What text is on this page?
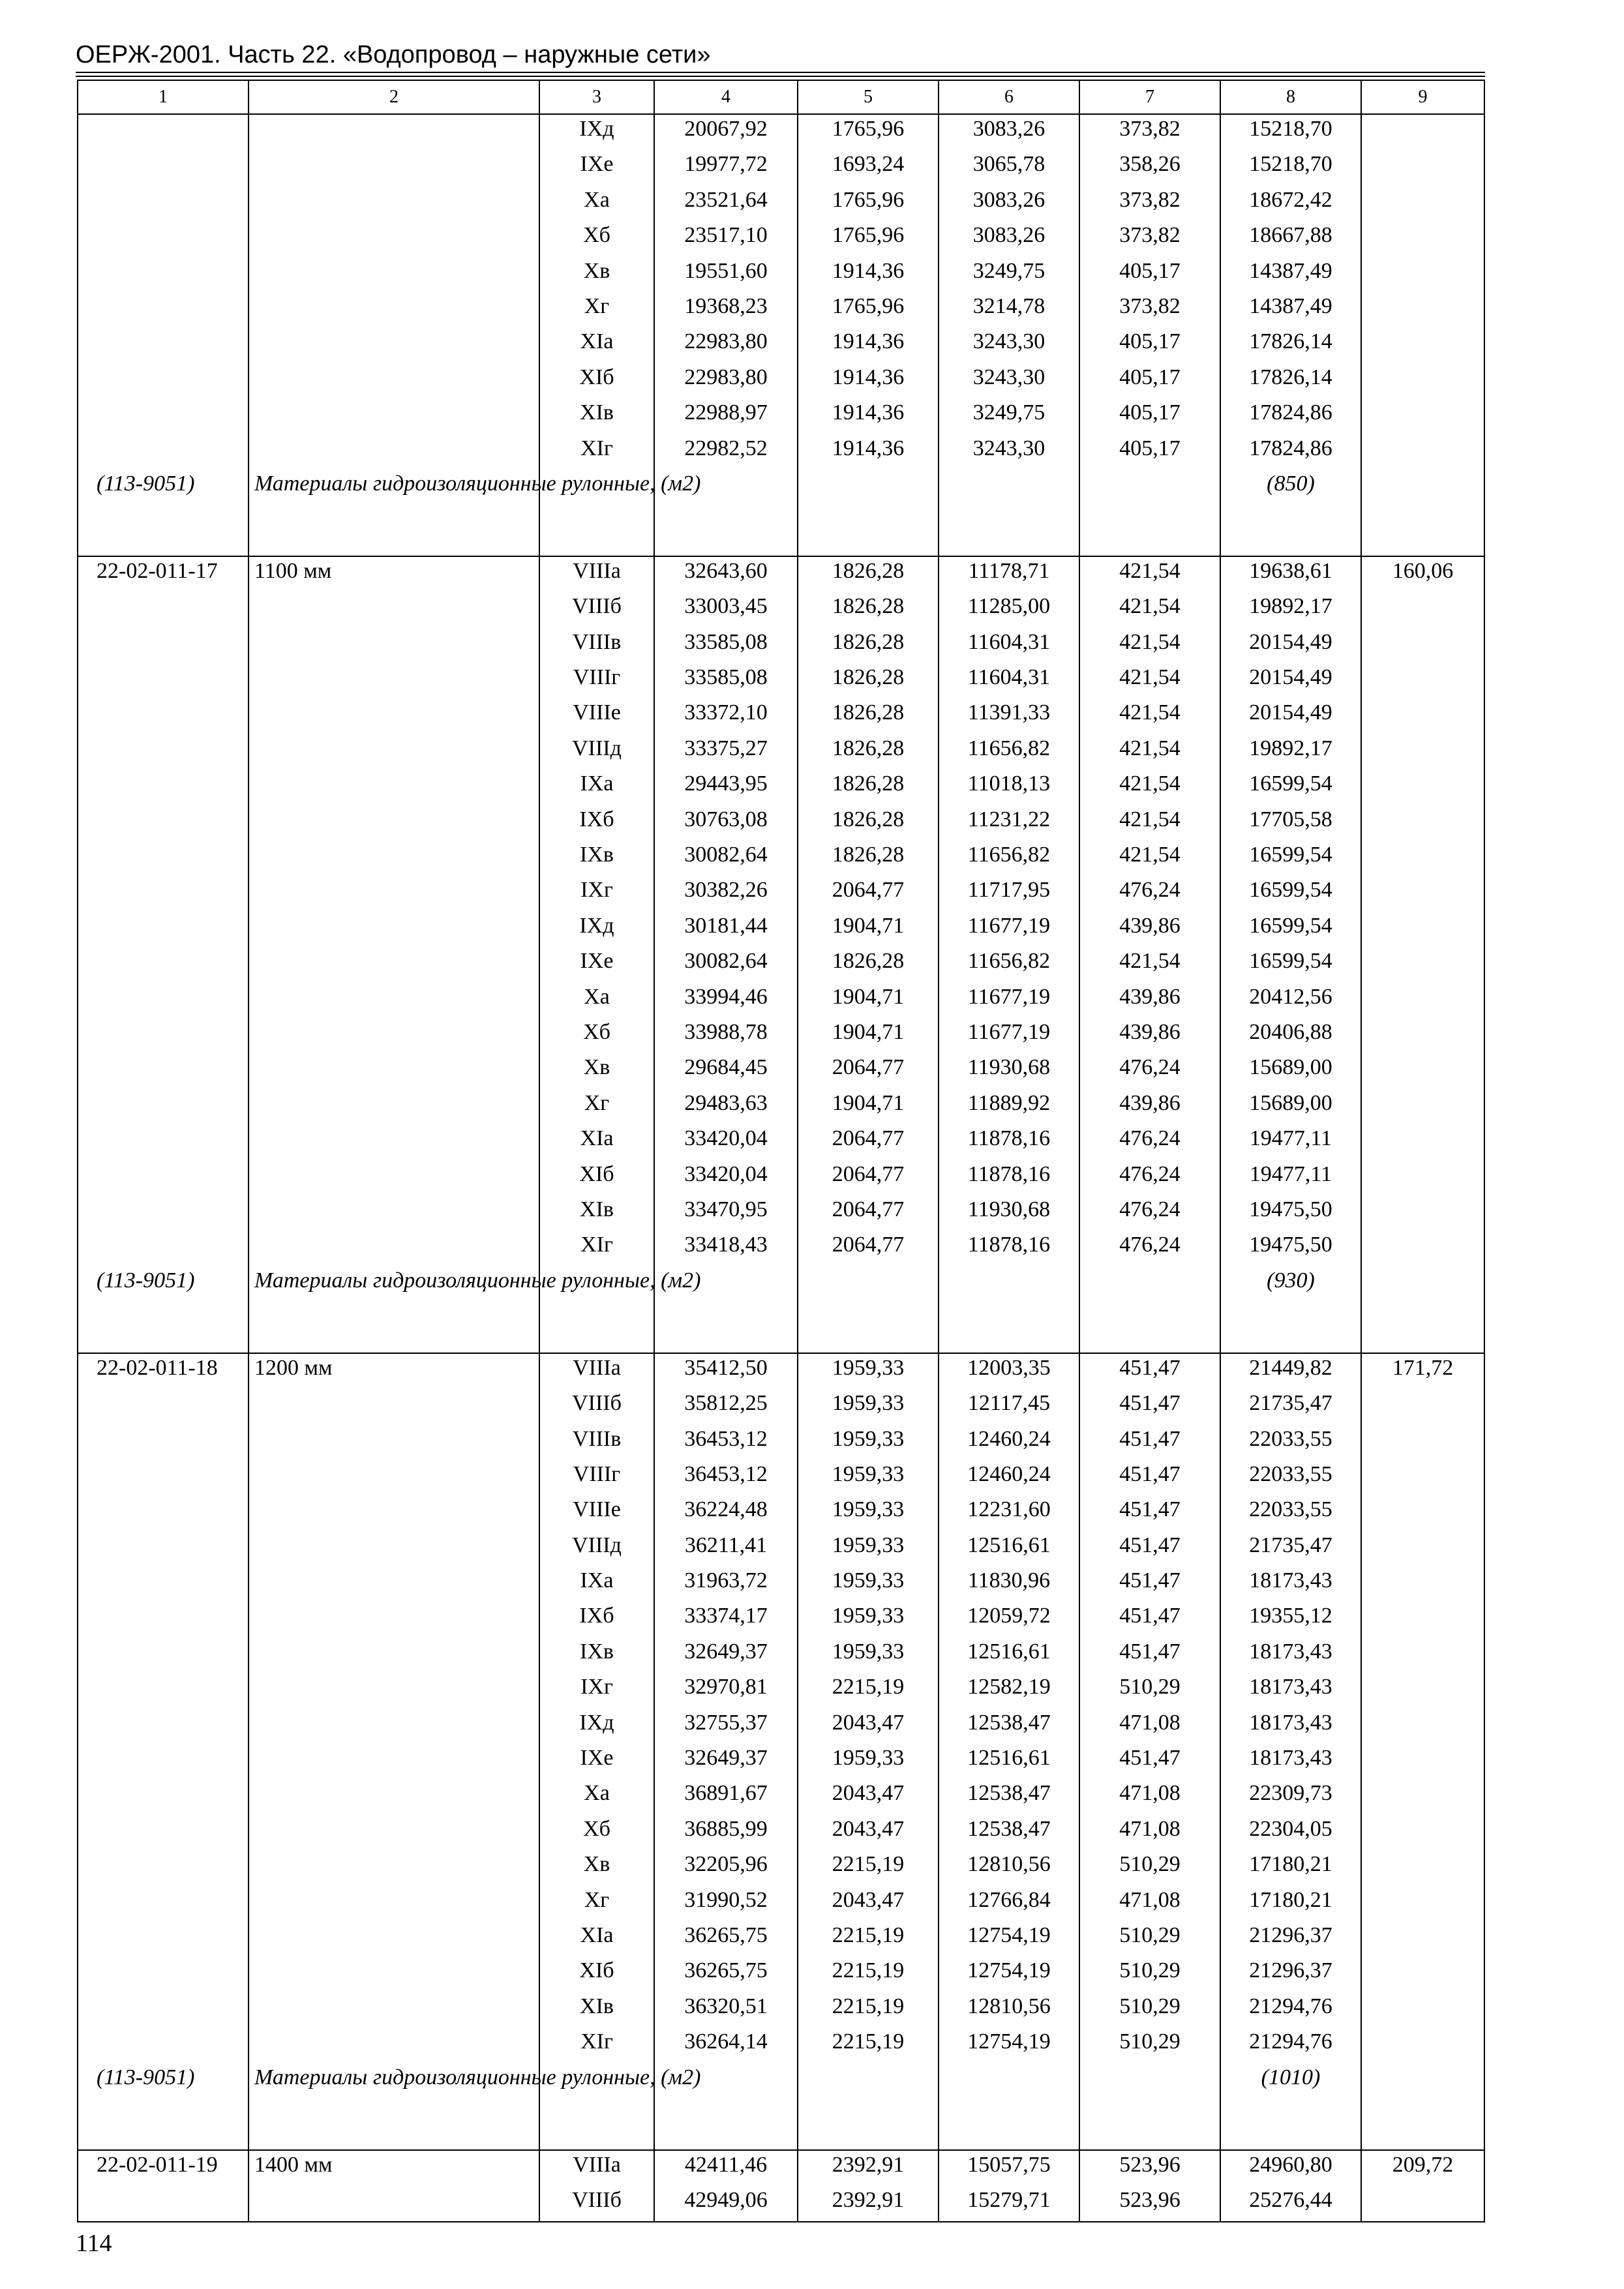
ОЕРЖ-2001. Часть 22. «Водопровод – наружные сети»
1	2	3	4	5	6	7	8	9
		IXд	20067,92	1765,96	3083,26	373,82	15218,70	
		IXе	19977,72	1693,24	3065,78	358,26	15218,70	
		Xа	23521,64	1765,96	3083,26	373,82	18672,42	
		Xб	23517,10	1765,96	3083,26	373,82	18667,88	
		Xв	19551,60	1914,36	3249,75	405,17	14387,49	
		Xг	19368,23	1765,96	3214,78	373,82	14387,49	
		XIа	22983,80	1914,36	3243,30	405,17	17826,14	
		XIб	22983,80	1914,36	3243,30	405,17	17826,14	
		XIв	22988,97	1914,36	3249,75	405,17	17824,86	
		XIг	22982,52	1914,36	3243,30	405,17	17824,86	
(113-9051)	Материалы гидроизоляционные рулонные, (м2)						(850)	
22-02-011-17	1100 мм	VIIIа	32643,60	1826,28	11178,71	421,54	19638,61	160,06
		VIIIб	33003,45	1826,28	11285,00	421,54	19892,17	
		VIIIв	33585,08	1826,28	11604,31	421,54	20154,49	
		VIIIг	33585,08	1826,28	11604,31	421,54	20154,49	
		VIIIе	33372,10	1826,28	11391,33	421,54	20154,49	
		VIIIд	33375,27	1826,28	11656,82	421,54	19892,17	
		IXа	29443,95	1826,28	11018,13	421,54	16599,54	
		IXб	30763,08	1826,28	11231,22	421,54	17705,58	
		IXв	30082,64	1826,28	11656,82	421,54	16599,54	
		IXг	30382,26	2064,77	11717,95	476,24	16599,54	
		IXд	30181,44	1904,71	11677,19	439,86	16599,54	
		IXе	30082,64	1826,28	11656,82	421,54	16599,54	
		Xа	33994,46	1904,71	11677,19	439,86	20412,56	
		Xб	33988,78	1904,71	11677,19	439,86	20406,88	
		Xв	29684,45	2064,77	11930,68	476,24	15689,00	
		Xг	29483,63	1904,71	11889,92	439,86	15689,00	
		XIа	33420,04	2064,77	11878,16	476,24	19477,11	
		XIб	33420,04	2064,77	11878,16	476,24	19477,11	
		XIв	33470,95	2064,77	11930,68	476,24	19475,50	
		XIг	33418,43	2064,77	11878,16	476,24	19475,50	
(113-9051)	Материалы гидроизоляционные рулонные, (м2)						(930)	
22-02-011-18	1200 мм	VIIIа	35412,50	1959,33	12003,35	451,47	21449,82	171,72
		VIIIб	35812,25	1959,33	12117,45	451,47	21735,47	
		VIIIв	36453,12	1959,33	12460,24	451,47	22033,55	
		VIIIг	36453,12	1959,33	12460,24	451,47	22033,55	
		VIIIе	36224,48	1959,33	12231,60	451,47	22033,55	
		VIIIд	36211,41	1959,33	12516,61	451,47	21735,47	
		IXа	31963,72	1959,33	11830,96	451,47	18173,43	
		IXб	33374,17	1959,33	12059,72	451,47	19355,12	
		IXв	32649,37	1959,33	12516,61	451,47	18173,43	
		IXг	32970,81	2215,19	12582,19	510,29	18173,43	
		IXд	32755,37	2043,47	12538,47	471,08	18173,43	
		IXе	32649,37	1959,33	12516,61	451,47	18173,43	
		Xа	36891,67	2043,47	12538,47	471,08	22309,73	
		Xб	36885,99	2043,47	12538,47	471,08	22304,05	
		Xв	32205,96	2215,19	12810,56	510,29	17180,21	
		Xг	31990,52	2043,47	12766,84	471,08	17180,21	
		XIа	36265,75	2215,19	12754,19	510,29	21296,37	
		XIб	36265,75	2215,19	12754,19	510,29	21296,37	
		XIв	36320,51	2215,19	12810,56	510,29	21294,76	
		XIг	36264,14	2215,19	12754,19	510,29	21294,76	
(113-9051)	Материалы гидроизоляционные рулонные, (м2)						(1010)	
22-02-011-19	1400 мм	VIIIа	42411,46	2392,91	15057,75	523,96	24960,80	209,72
		VIIIб	42949,06	2392,91	15279,71	523,96	25276,44	
114
